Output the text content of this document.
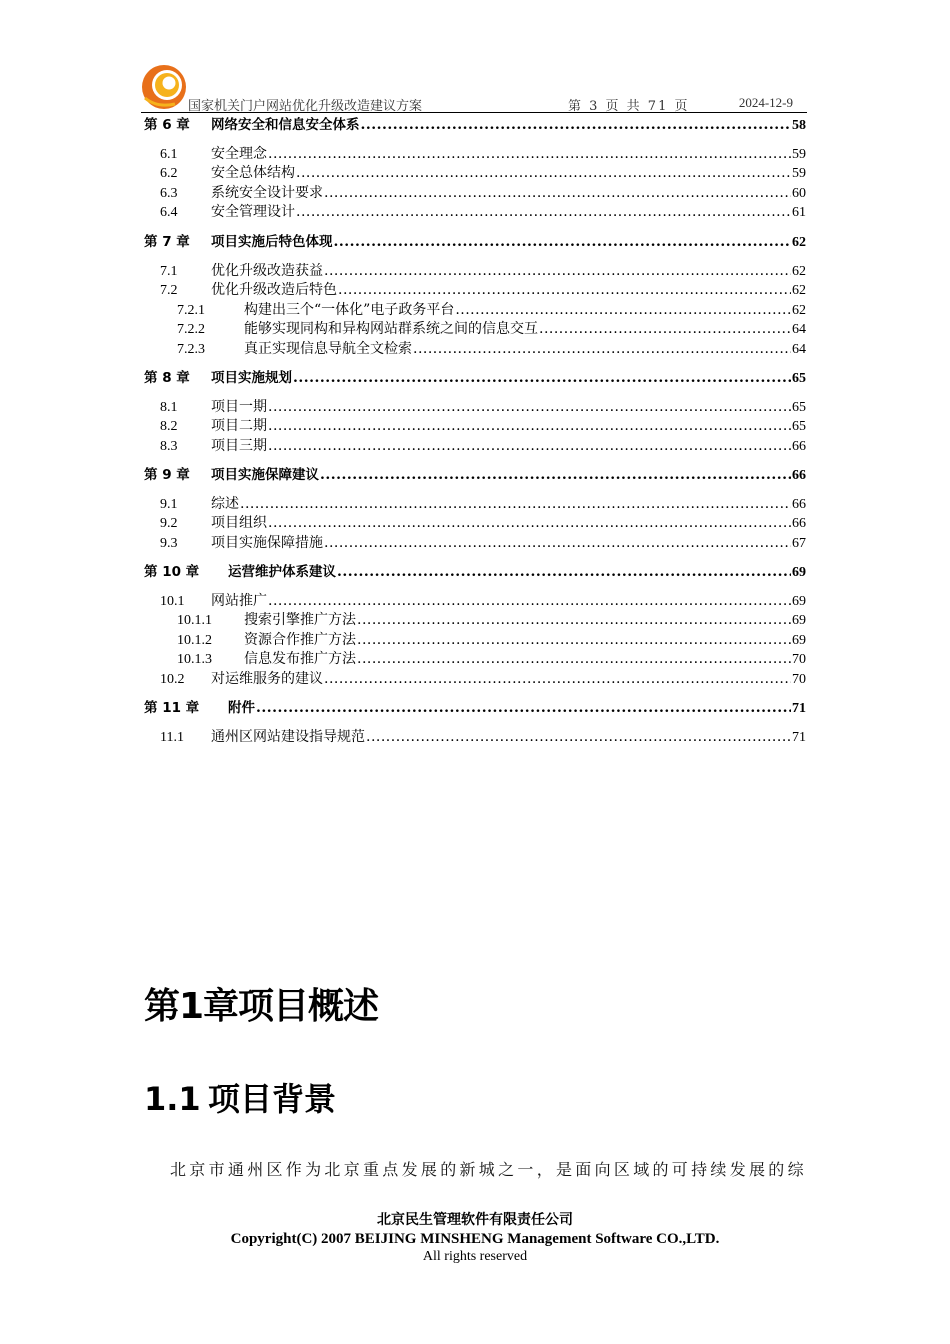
国家机关门户网站优化升级改造建议方案	第 3 页 共 71 页	2024-12-9
第 6 章	网络安全和信息安全体系 .....	58
6.1	安全理念 .....	59
6.2	安全总体结构 .....	59
6.3	系统安全设计要求 .....	60
6.4	安全管理设计 .....	61
第 7 章	项目实施后特色体现 .....	62
7.1	优化升级改造获益 .....	62
7.2	优化升级改造后特色 .....	62
7.2.1	构建出三个“一体化”电子政务平台 .....	62
7.2.2	能够实现同构和异构网站群系统之间的信息交互 .....	64
7.2.3	真正实现信息导航全文检索 .....	64
第 8 章	项目实施规划 .....	65
8.1	项目一期 .....	65
8.2	项目二期 .....	65
8.3	项目三期 .....	66
第 9 章	项目实施保障建议 .....	66
9.1	综述 .....	66
9.2	项目组织 .....	66
9.3	项目实施保障措施 .....	67
第 10 章	运营维护体系建议 .....	69
10.1	网站推广 .....	69
10.1.1	搜索引擎推广方法 .....	69
10.1.2	资源合作推广方法 .....	69
10.1.3	信息发布推广方法 .....	70
10.2	对运维服务的建议 .....	70
第 11 章	附件 .....	71
11.1	通州区网站建设指导规范 .....	71
第1章项目概述
1.1 项目背景
北京市通州区作为北京重点发展的新城之一，是面向区域的可持续发展的综
北京民生管理软件有限责任公司
Copyright(C) 2007 BEIJING MINSHENG Management Software CO.,LTD.
All rights reserved
